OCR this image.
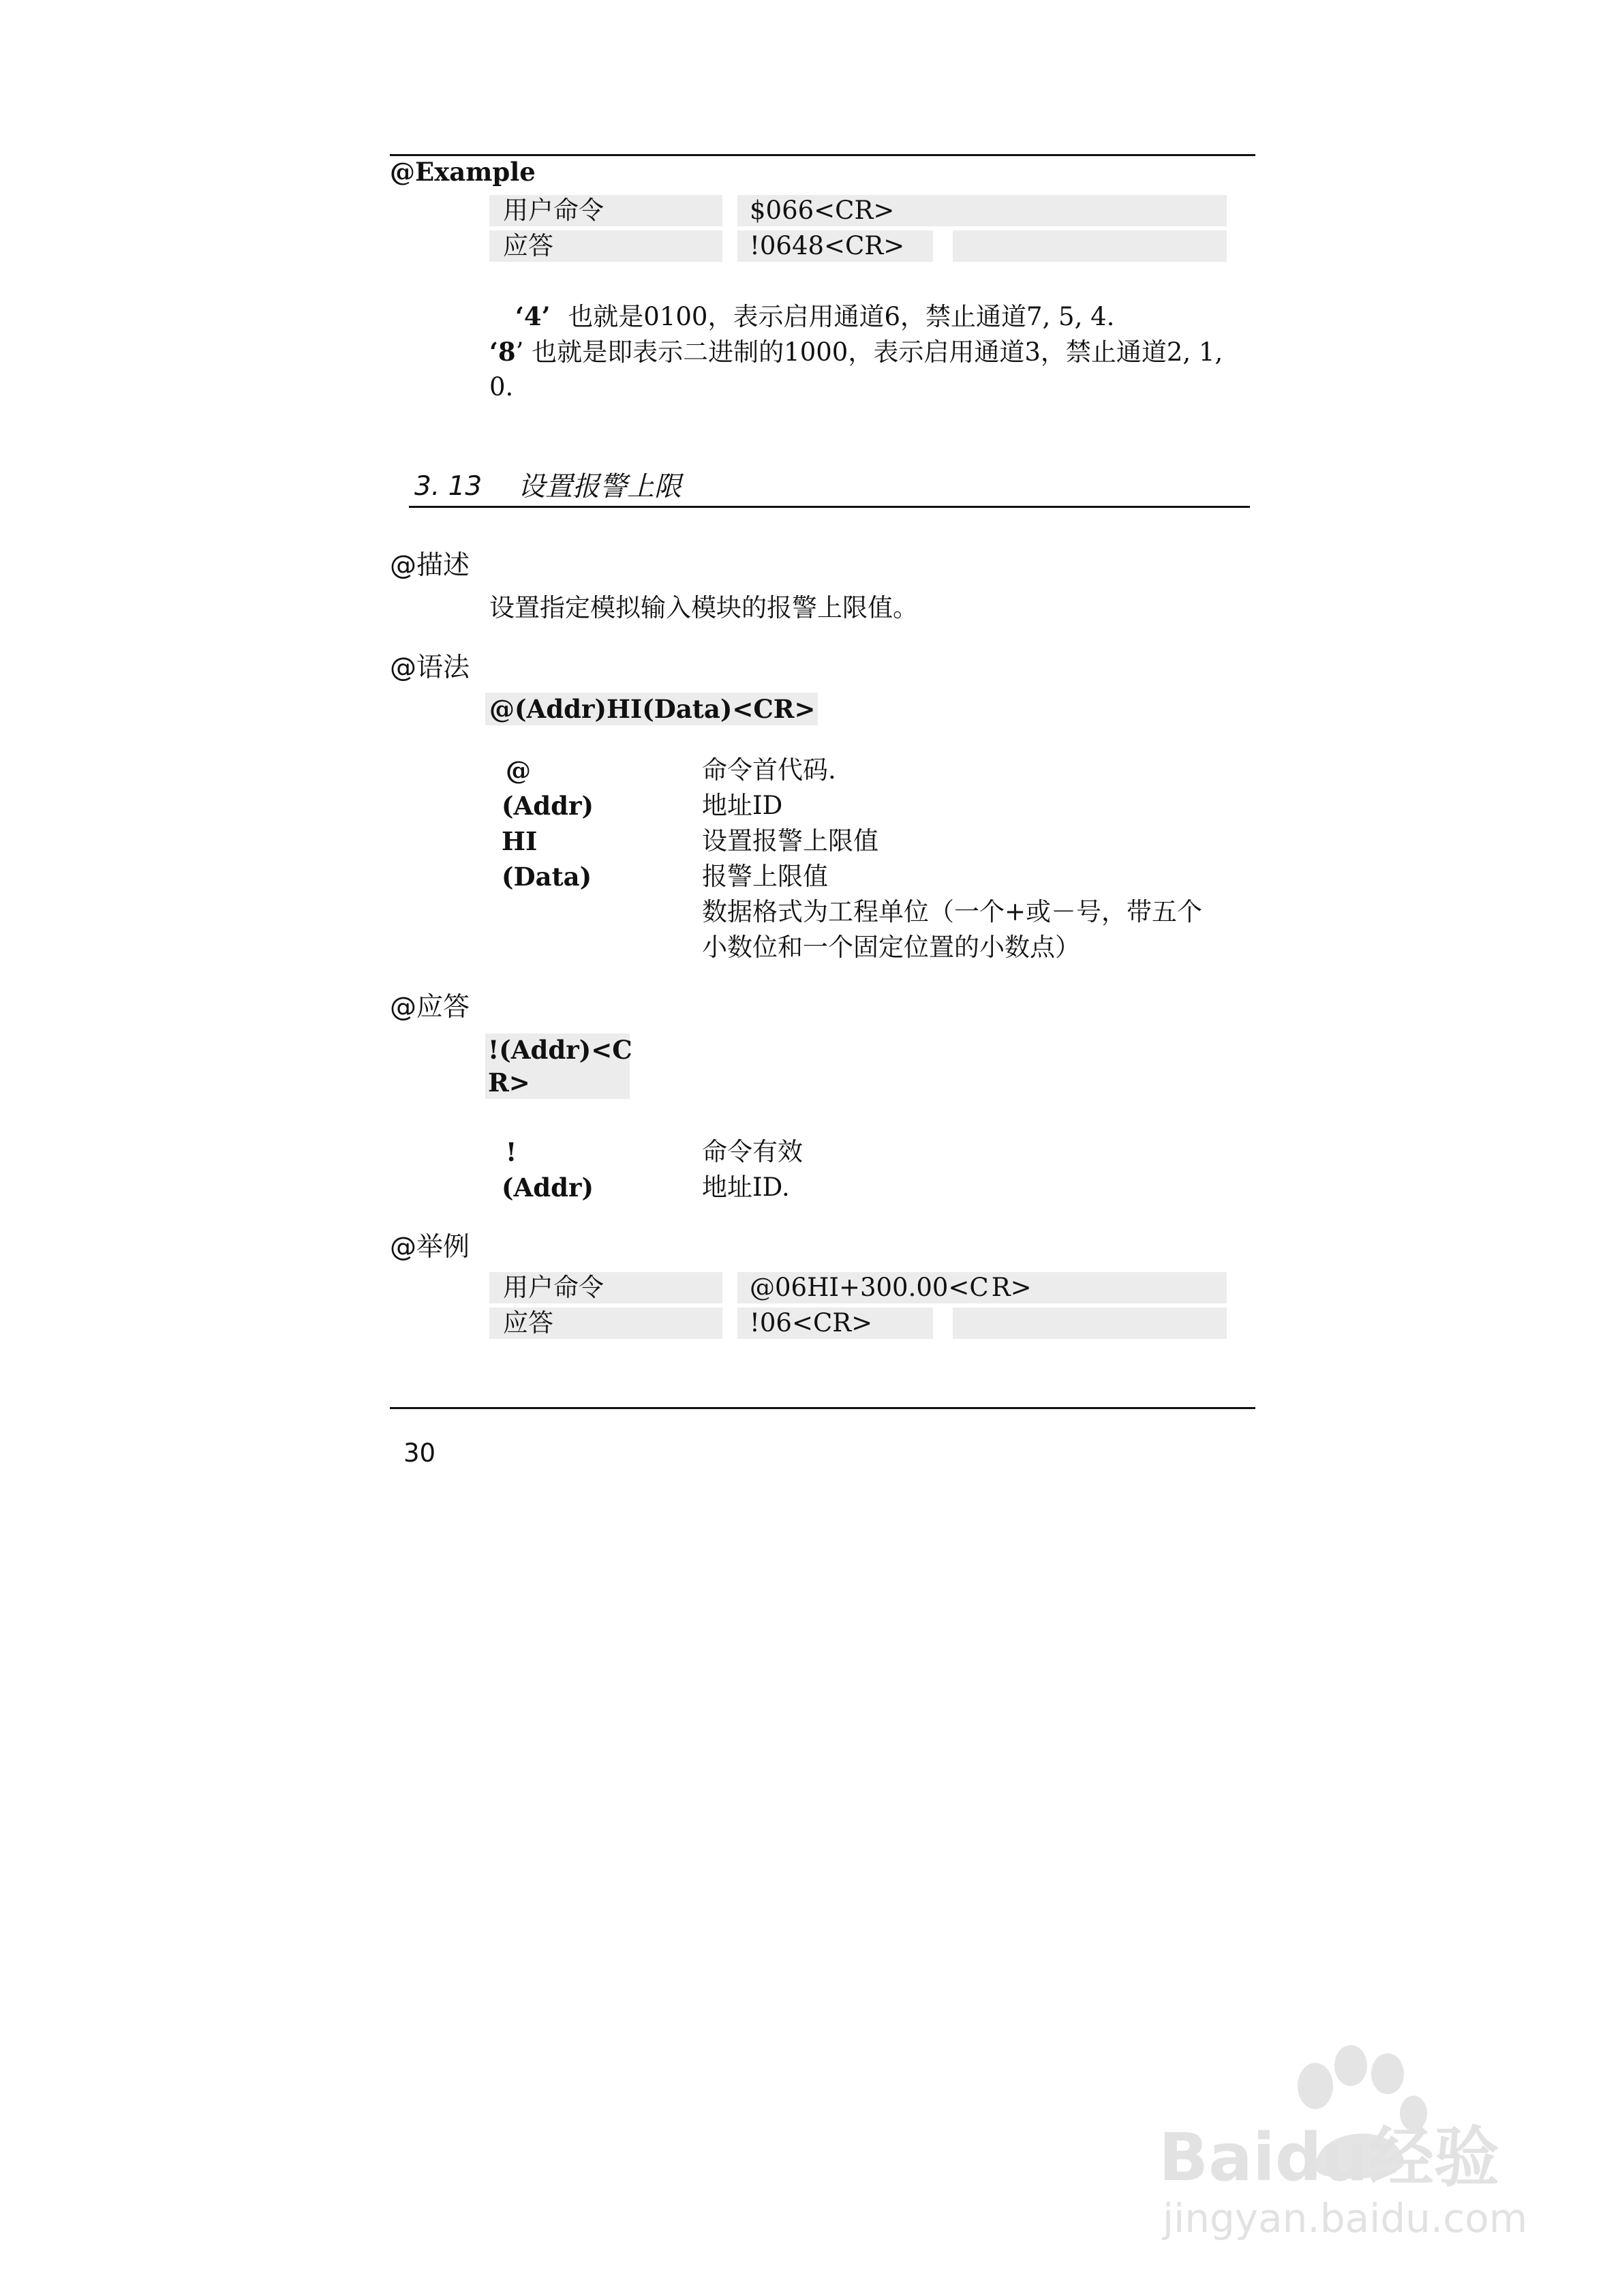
@Example
用户命令	$066<CR>
应答	!0648<CR>
‘4’ 也就是0100，表示启用通道6，禁止通道7, 5, 4.
‘8’ 也就是即表示二进制的1000，表示启用通道3，禁止通道2, 1,
0.
3. 13 设置报警上限
@描述
设置指定模拟输入模块的报警上限值。
@语法
@(Addr)HI(Data)<CR>
@	命令首代码.
(Addr)	地址ID
HI	设置报警上限值
(Data)	报警上限值
数据格式为工程单位（一个+或－号，带五个
小数位和一个固定位置的小数点）
@应答
!(Addr)<C
R>
!	命令有效
(Addr)	地址ID.
@举例
用户命令	@06HI+300.00<C R>
应答	!06<CR>
30
Baidu经验
jingyan.baidu.com
